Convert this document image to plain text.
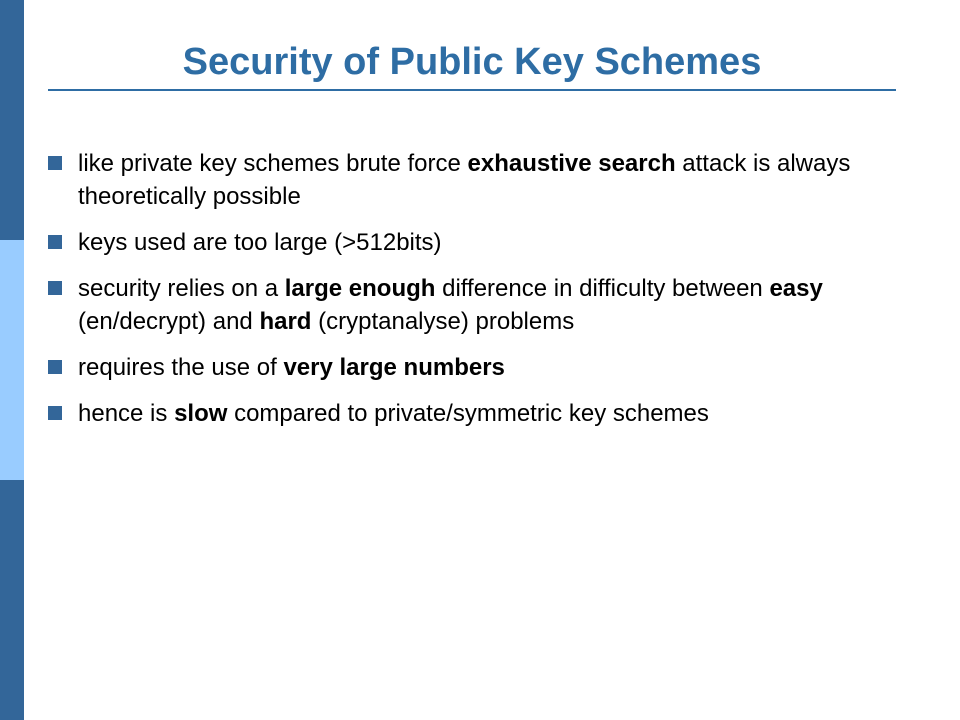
Security of Public Key Schemes
like private key schemes brute force exhaustive search attack is always theoretically possible
keys used are too large (>512bits)
security relies on a large enough difference in difficulty between easy (en/decrypt) and hard (cryptanalyse) problems
requires the use of very large numbers
hence is slow compared to private/symmetric key schemes
